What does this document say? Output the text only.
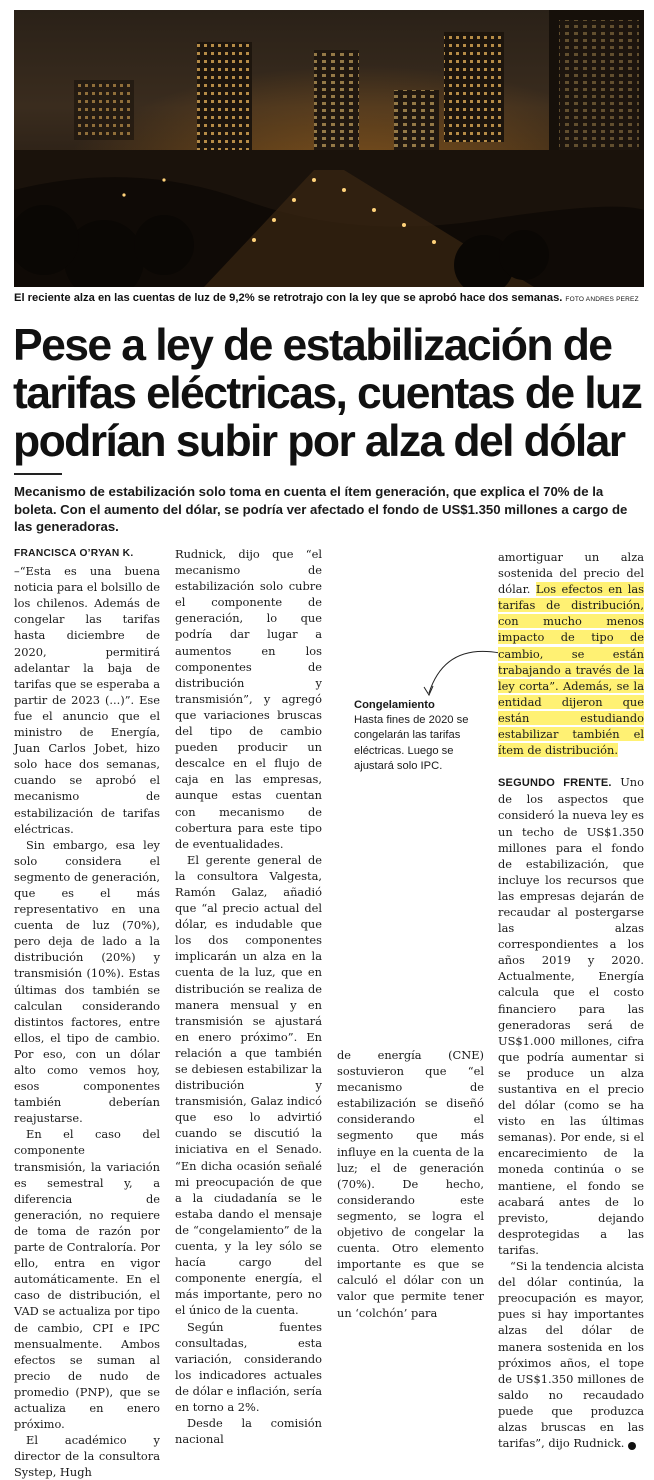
El reciente alza en las cuentas de luz de 9,2% se retrotrajo con la ley que se aprobó hace dos semanas. FOTO ANDRES PEREZ
Pese a ley de estabilización de tarifas eléctricas, cuentas de luz podrían subir por alza del dólar

Mecanismo de estabilización solo toma en cuenta el ítem generación, que explica el 70% de la boleta. Con el aumento del dólar, se podría ver afectado el fondo de US$1.350 millones a cargo de las generadoras.

FRANCISCA O’RYAN K.
–“Esta es una buena noticia para el bolsillo de los chilenos. Además de congelar las tarifas hasta diciembre de 2020, permitirá adelantar la baja de tarifas que se esperaba a partir de 2023 (...)”. Ese fue el anuncio que el ministro de Energía, Juan Carlos Jobet, hizo solo hace dos semanas, cuando se aprobó el mecanismo de estabilización de tarifas eléctricas.

Sin embargo, esa ley solo considera el segmento de generación, que es el más representativo en una cuenta de luz (70%), pero deja de lado a la distribución (20%) y transmisión (10%). Estas últimas dos también se calculan considerando distintos factores, entre ellos, el tipo de cambio. Por eso, con un dólar alto como vemos hoy, esos componentes también deberían reajustarse.

En el caso del componente transmisión, la variación es semestral y, a diferencia de generación, no requiere de toma de razón por parte de Contraloría. Por ello, entra en vigor automáticamente. En el caso de distribución, el VAD se actualiza por tipo de cambio, CPI e IPC mensualmente. Ambos efectos se suman al precio de nudo de promedio (PNP), que se actualiza en enero próximo.

El académico y director de la consultora Systep, Hugh

Rudnick, dijo que “el mecanismo de estabilización solo cubre el componente de generación, lo que podría dar lugar a aumentos en los componentes de distribución y transmisión”, y agregó que variaciones bruscas del tipo de cambio pueden producir un descalce en el flujo de caja en las empresas, aunque estas cuentan con mecanismo de cobertura para este tipo de eventualidades.

El gerente general de la consultora Valgesta, Ramón Galaz, añadió que “al precio actual del dólar, es indudable que los dos componentes implicarán un alza en la cuenta de la luz, que en distribución se realiza de manera mensual y en transmisión se ajustará en enero próximo”. En relación a que también se debiesen estabilizar la distribución y transmisión, Galaz indicó que eso lo advirtió cuando se discutió la iniciativa en el Senado. “En dicha ocasión señalé mi preocupación de que a la ciudadanía se le estaba dando el mensaje de “congelamiento” de la cuenta, y la ley sólo se hacía cargo del componente energía, el más importante, pero no el único de la cuenta.

Según fuentes consultadas, esta variación, considerando los indicadores actuales de dólar e inflación, sería en torno a 2%.

Desde la comisión nacional

de energía (CNE) sostuvieron que “el mecanismo de estabilización se diseñó considerando el segmento que más influye en la cuenta de la luz; el de generación (70%). De hecho, considerando este segmento, se logra el objetivo de congelar la cuenta. Otro elemento importante es que se calculó el dólar con un valor que permite tener un ‘colchón’ para

Congelamiento
Hasta fines de 2020 se congelarán las tarifas eléctricas. Luego se ajustará solo IPC.

amortiguar un alza sostenida del precio del dólar. Los efectos en las tarifas de distribución, con mucho menos impacto de tipo de cambio, se están trabajando a través de la ley corta”. Además, se la entidad dijeron que están estudiando estabilizar también el ítem de distribución.

SEGUNDO FRENTE. Uno de los aspectos que consideró la nueva ley es un techo de US$1.350 millones para el fondo de estabilización, que incluye los recursos que las empresas dejarán de recaudar al postergarse las alzas correspondientes a los años 2019 y 2020. Actualmente, Energía calcula que el costo financiero para las generadoras será de US$1.000 millones, cifra que podría aumentar si se produce un alza sustantiva en el precio del dólar (como se ha visto en las últimas semanas). Por ende, si el encarecimiento de la moneda continúa o se mantiene, el fondo se acabará antes de lo previsto, dejando desprotegidas a las tarifas.

“Si la tendencia alcista del dólar continúa, la preocupación es mayor, pues si hay importantes alzas del dólar de manera sostenida en los próximos años, el tope de US$1.350 millones de saldo no recaudado puede que produzca alzas bruscas en las tarifas”, dijo Rudnick.	P
